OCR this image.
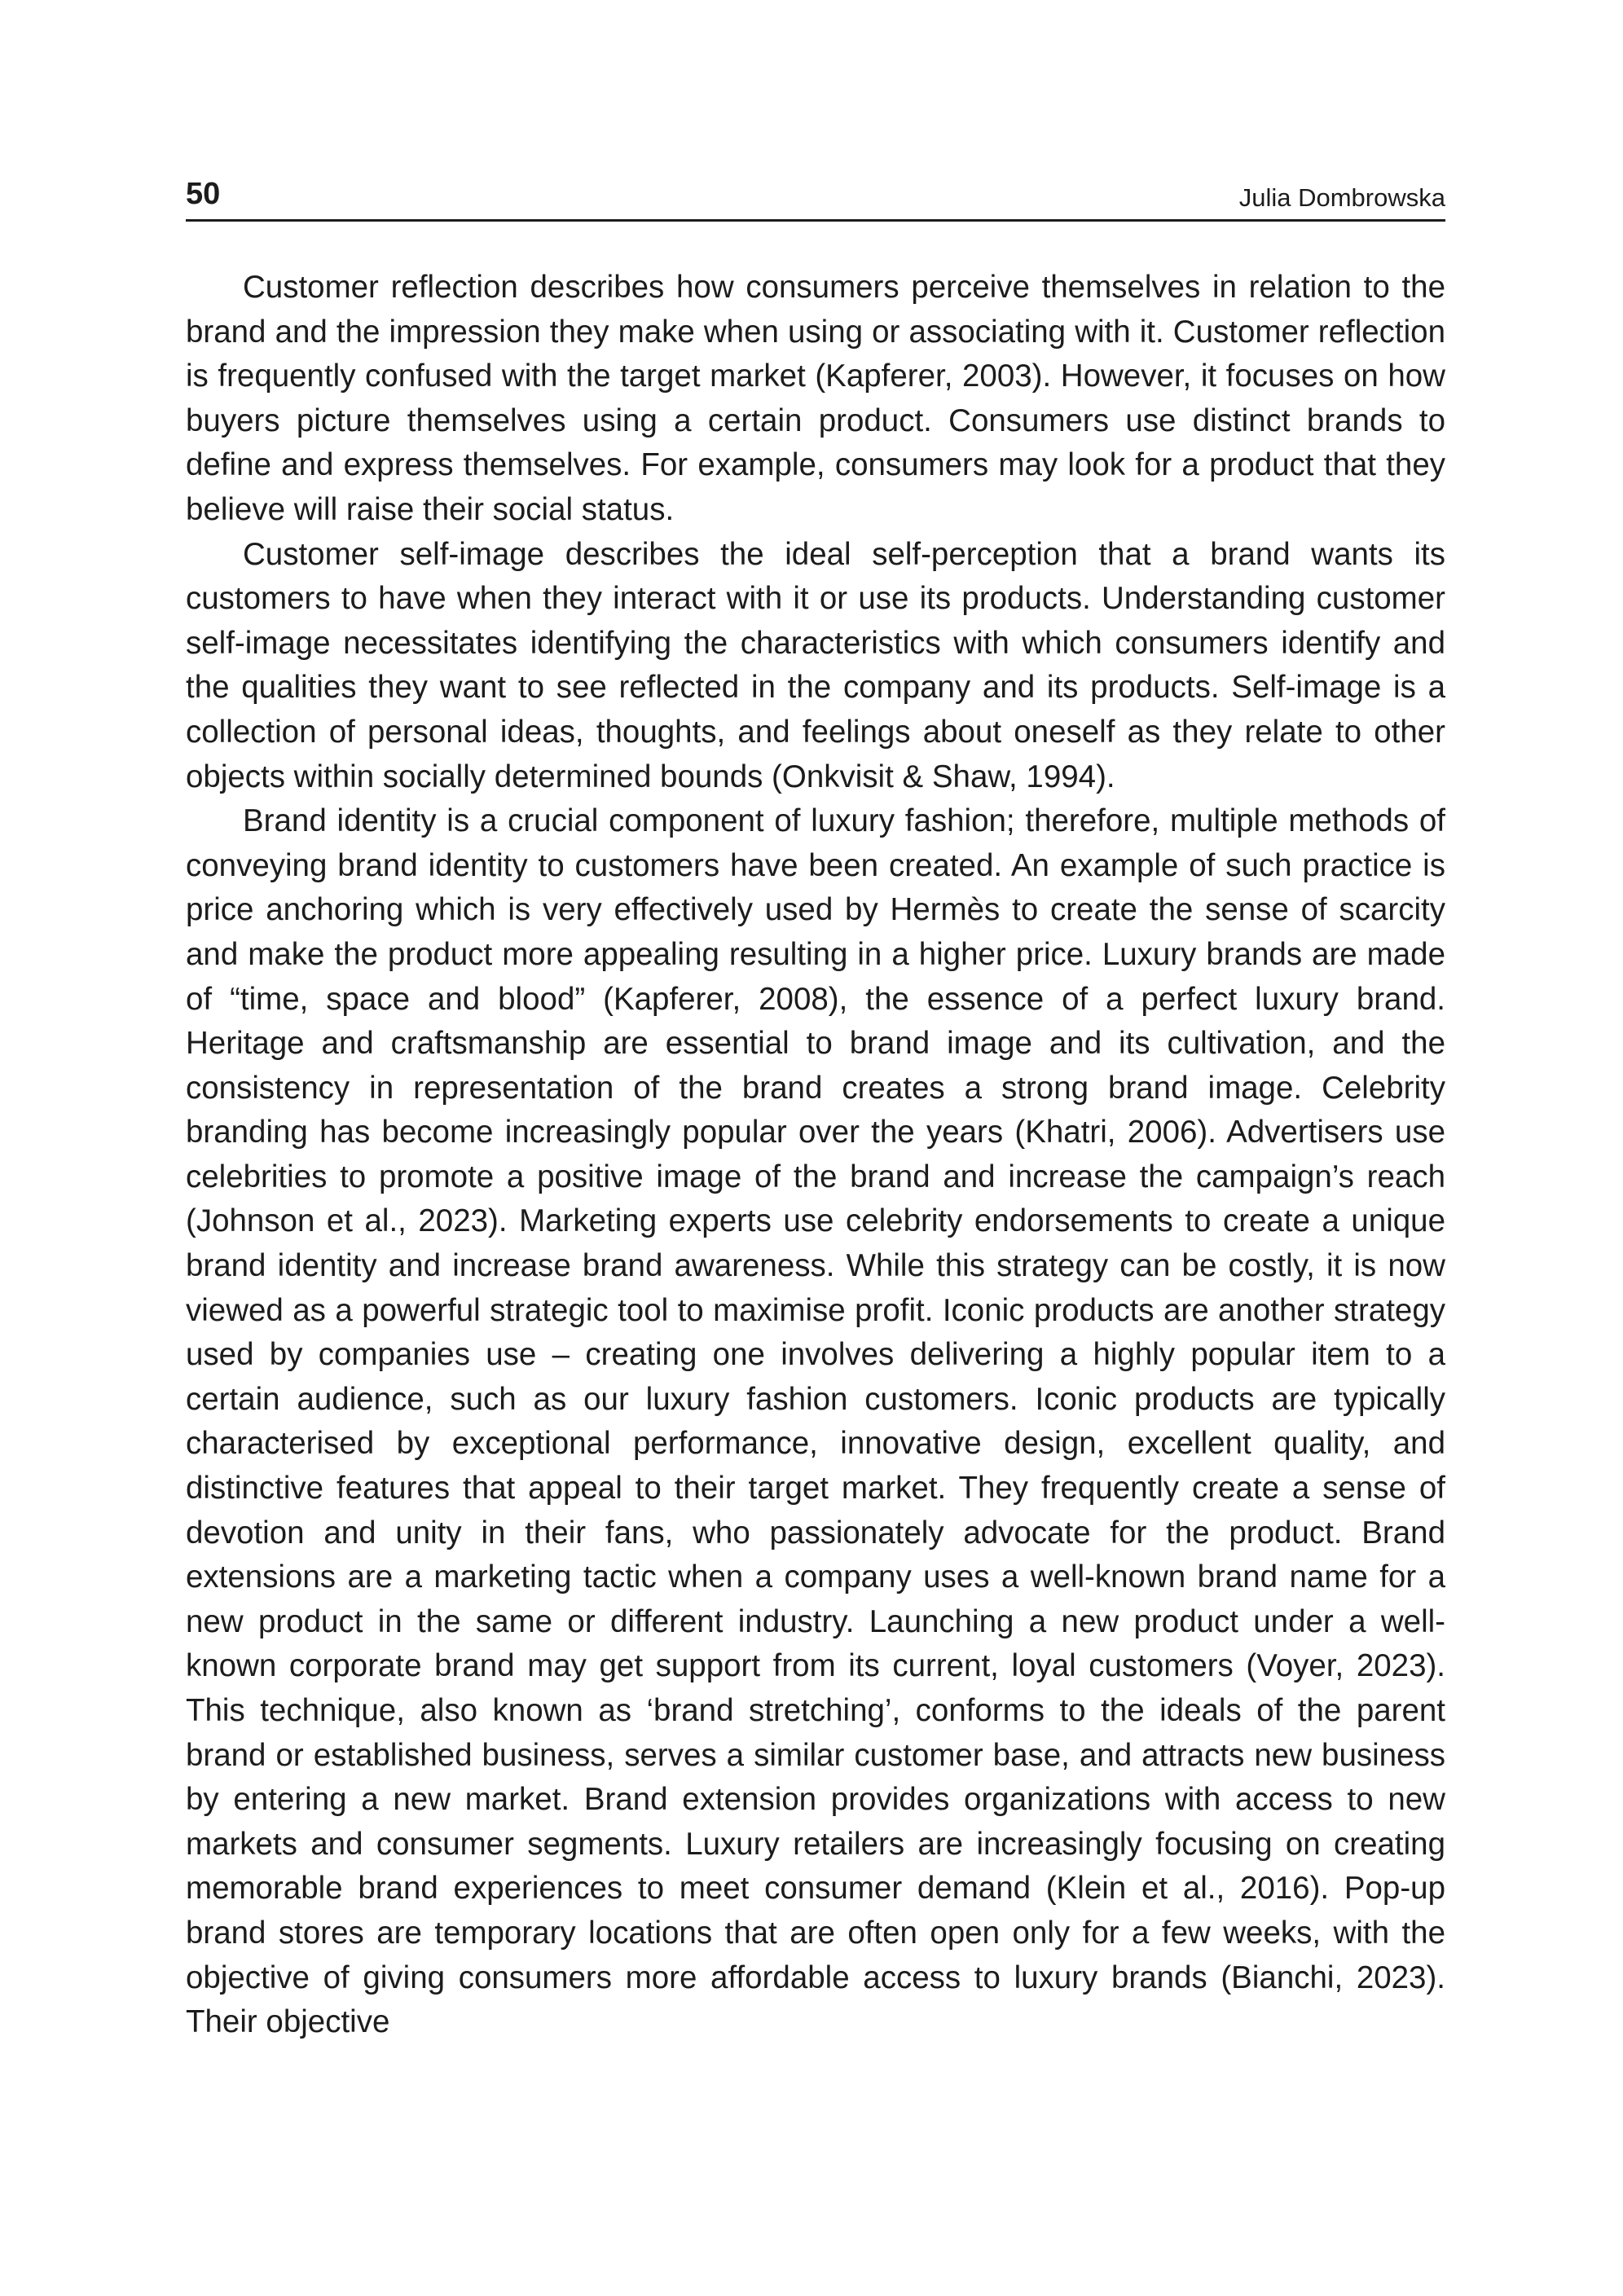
50	Julia Dombrowska

Customer reflection describes how consumers perceive themselves in relation to the brand and the impression they make when using or associating with it. Customer reflection is frequently confused with the target market (Kapferer, 2003). However, it focuses on how buyers picture themselves using a certain product. Consumers use distinct brands to define and express themselves. For example, consumers may look for a product that they believe will raise their social status.

Customer self-image describes the ideal self-perception that a brand wants its customers to have when they interact with it or use its products. Understanding customer self-image necessitates identifying the characteristics with which consumers identify and the qualities they want to see reflected in the company and its products. Self-image is a collection of personal ideas, thoughts, and feelings about oneself as they relate to other objects within socially determined bounds (Onkvisit & Shaw, 1994).

Brand identity is a crucial component of luxury fashion; therefore, multiple methods of conveying brand identity to customers have been created. An example of such practice is price anchoring which is very effectively used by Hermès to create the sense of scarcity and make the product more appealing resulting in a higher price. Luxury brands are made of “time, space and blood” (Kapferer, 2008), the essence of a perfect luxury brand. Heritage and craftsmanship are essential to brand image and its cultivation, and the consistency in representation of the brand creates a strong brand image. Celebrity branding has become increasingly popular over the years (Khatri, 2006). Advertisers use celebrities to promote a positive image of the brand and increase the campaign’s reach (Johnson et al., 2023). Marketing experts use celebrity endorsements to create a unique brand identity and increase brand awareness. While this strategy can be costly, it is now viewed as a powerful strategic tool to maximise profit. Iconic products are another strategy used by companies use – creating one involves delivering a highly popular item to a certain audience, such as our luxury fashion customers. Iconic products are typically characterised by exceptional performance, innovative design, excellent quality, and distinctive features that appeal to their target market. They frequently create a sense of devotion and unity in their fans, who passionately advocate for the product. Brand extensions are a marketing tactic when a company uses a well-known brand name for a new product in the same or different industry. Launching a new product under a well-known corporate brand may get support from its current, loyal customers (Voyer, 2023). This technique, also known as ‘brand stretching’, conforms to the ideals of the parent brand or established business, serves a similar customer base, and attracts new business by entering a new market. Brand extension provides organizations with access to new markets and consumer segments. Luxury retailers are increasingly focusing on creating memorable brand experiences to meet consumer demand (Klein et al., 2016). Pop-up brand stores are temporary locations that are often open only for a few weeks, with the objective of giving consumers more affordable access to luxury brands (Bianchi, 2023). Their objective
